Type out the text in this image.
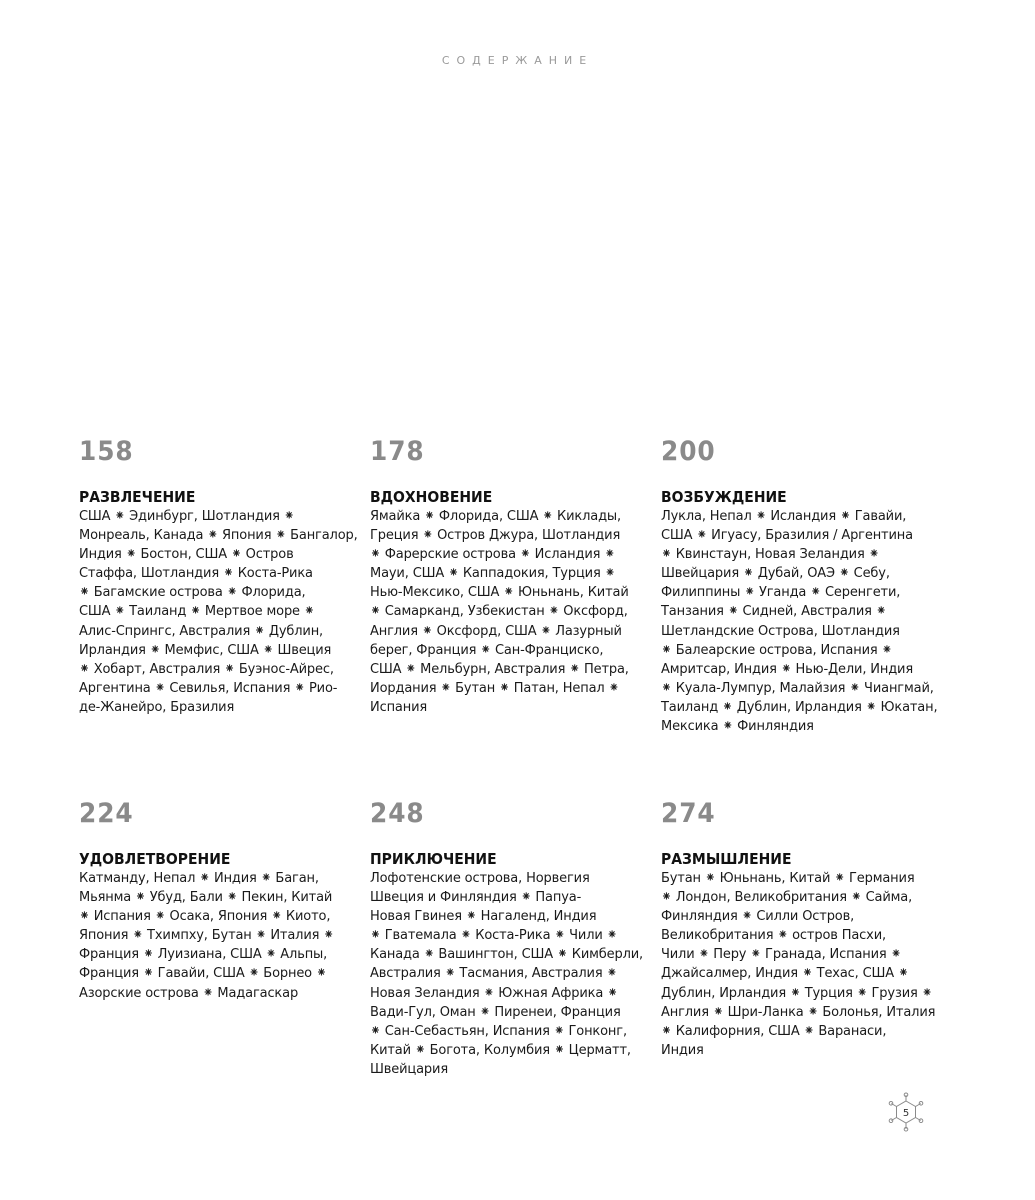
СОДЕРЖАНИЕ
158
РАЗВЛЕЧЕНИЕ

США ⁕ Эдинбург, Шотландия ⁕

Монреаль, Канада ⁕ Япония ⁕ Бангалор,

Индия ⁕ Бостон, США ⁕ Остров

Стаффа, Шотландия ⁕ Коста-Рика

⁕ Багамские острова ⁕ Флорида,

США ⁕ Таиланд ⁕ Мертвое море ⁕

Алис-Спрингс, Австралия ⁕ Дублин,

Ирландия ⁕ Мемфис, США ⁕ Швеция

⁕ Хобарт, Австралия ⁕ Буэнос-Айрес,

Аргентина ⁕ Севилья, Испания ⁕ Рио-

де-Жанейро, Бразилия

178
ВДОХНОВЕНИЕ

Ямайка ⁕ Флорида, США ⁕ Киклады,

Греция ⁕ Остров Джура, Шотландия

⁕ Фарерские острова ⁕ Исландия ⁕

Мауи, США ⁕ Каппадокия, Турция ⁕

Нью-Мексико, США ⁕ Юньнань, Китай

⁕ Самарканд, Узбекистан ⁕ Оксфорд,

Англия ⁕ Оксфорд, США ⁕ Лазурный

берег, Франция ⁕ Сан-Франциско,

США ⁕ Мельбурн, Австралия ⁕ Петра,

Иордания ⁕ Бутан ⁕ Патан, Непал ⁕

Испания

200
ВОЗБУЖДЕНИЕ

Лукла, Непал ⁕ Исландия ⁕ Гавайи,

США ⁕ Игуасу, Бразилия / Аргентина

⁕ Квинстаун, Новая Зеландия ⁕

Швейцария ⁕ Дубай, ОАЭ ⁕ Себу,

Филиппины ⁕ Уганда ⁕ Серенгети,

Танзания ⁕ Сидней, Австралия ⁕

Шетландские Острова, Шотландия

⁕ Балеарские острова, Испания ⁕

Амритсар, Индия ⁕ Нью-Дели, Индия

⁕ Куала-Лумпур, Малайзия ⁕ Чиангмай,

Таиланд ⁕ Дублин, Ирландия ⁕ Юкатан,

Мексика ⁕ Финляндия

224
УДОВЛЕТВОРЕНИЕ

Катманду, Непал ⁕ Индия ⁕ Баган,

Мьянма ⁕ Убуд, Бали ⁕ Пекин, Китай

⁕ Испания ⁕ Осака, Япония ⁕ Киото,

Япония ⁕ Тхимпху, Бутан ⁕ Италия ⁕

Франция ⁕ Луизиана, США ⁕ Альпы,

Франция ⁕ Гавайи, США ⁕ Борнео ⁕

Азорские острова ⁕ Мадагаскар

248
ПРИКЛЮЧЕНИЕ

Лофотенские острова, Норвегия

Швеция и Финляндия ⁕ Папуа-

Новая Гвинея ⁕ Нагаленд, Индия

⁕ Гватемала ⁕ Коста-Рика ⁕ Чили ⁕

Канада ⁕ Вашингтон, США ⁕ Кимберли,

Австралия ⁕ Тасмания, Австралия ⁕

Новая Зеландия ⁕ Южная Африка ⁕

Вади-Гул, Оман ⁕ Пиренеи, Франция

⁕ Сан-Себастьян, Испания ⁕ Гонконг,

Китай ⁕ Богота, Колумбия ⁕ Церматт,

Швейцария

274
РАЗМЫШЛЕНИЕ

Бутан ⁕ Юньнань, Китай ⁕ Германия

⁕ Лондон, Великобритания ⁕ Сайма,

Финляндия ⁕ Силли Остров,

Великобритания ⁕ остров Пасхи,

Чили ⁕ Перу ⁕ Гранада, Испания ⁕

Джайсалмер, Индия ⁕ Техас, США ⁕

Дублин, Ирландия ⁕ Турция ⁕ Грузия ⁕

Англия ⁕ Шри-Ланка ⁕ Болонья, Италия

⁕ Калифорния, США ⁕ Варанаси,

Индия

5
